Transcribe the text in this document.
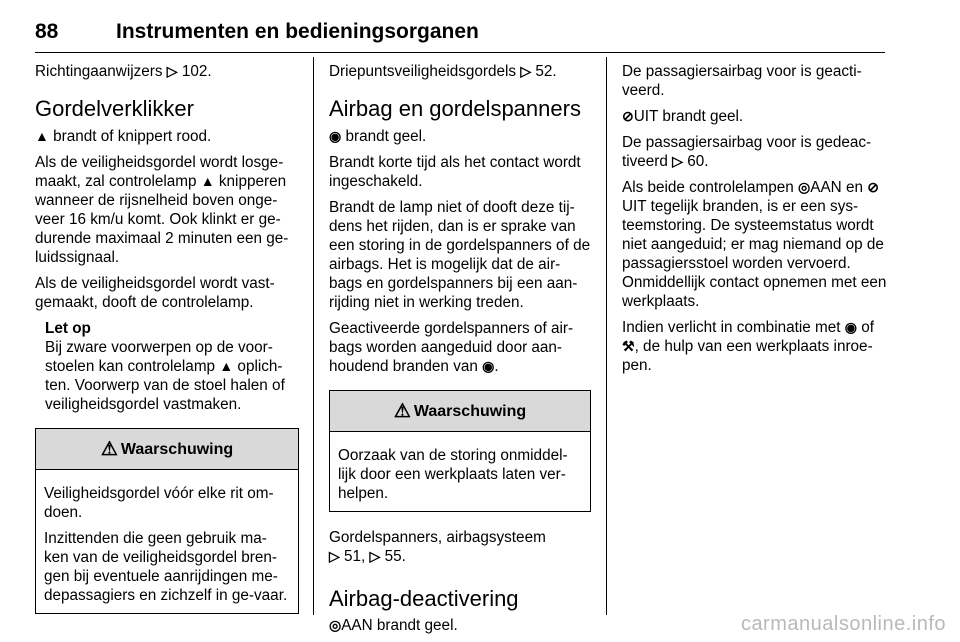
88	Instrumenten en bedieningsorganen

Richtingaanwijzers ▷ 102.

Gordelverklikker

▲ brandt of knippert rood.

Als de veiligheidsgordel wordt losge-maakt, zal controlelamp ▲ knipperen wanneer de rijsnelheid boven onge-veer 16 km/u komt. Ook klinkt er ge-durende maximaal 2 minuten een ge-luidssignaal.

Als de veiligheidsgordel wordt vast-gemaakt, dooft de controlelamp.

Let op
Bij zware voorwerpen op de voor-stoelen kan controlelamp ▲ oplich-ten. Voorwerp van de stoel halen of veiligheidsgordel vastmaken.
⚠ Waarschuwing

Veiligheidsgordel vóór elke rit om-doen.

Inzittenden die geen gebruik ma-ken van de veiligheidsgordel bren-gen bij eventuele aanrijdingen me-depassagiers en zichzelf in ge-vaar.

Driepuntsveiligheidsgordels ▷ 52.

Airbag en gordelspanners

◉ brandt geel.

Brandt korte tijd als het contact wordt ingeschakeld.

Brandt de lamp niet of dooft deze tij-dens het rijden, dan is er sprake van een storing in de gordelspanners of de airbags. Het is mogelijk dat de air-bags en gordelspanners bij een aan-rijding niet in werking treden.

Geactiveerde gordelspanners of air-bags worden aangeduid door aan-houdend branden van ◉.

⚠ Waarschuwing

Oorzaak van de storing onmiddel-lijk door een werkplaats laten ver-helpen.

Gordelspanners, airbagsysteem
▷ 51, ▷ 55.

Airbag-deactivering

◎AAN brandt geel.

De passagiersairbag voor is geacti-veerd.

⊘UIT brandt geel.

De passagiersairbag voor is gedeac-tiveerd ▷ 60.

Als beide controlelampen ◎AAN en ⊘UIT tegelijk branden, is er een sys-teemstoring. De systeemstatus wordt niet aangeduid; er mag niemand op de passagiersstoel worden vervoerd. Onmiddellijk contact opnemen met een werkplaats.

Indien verlicht in combinatie met ◉ of ⚒, de hulp van een werkplaats inroe-pen.

carmanualsonline.info
